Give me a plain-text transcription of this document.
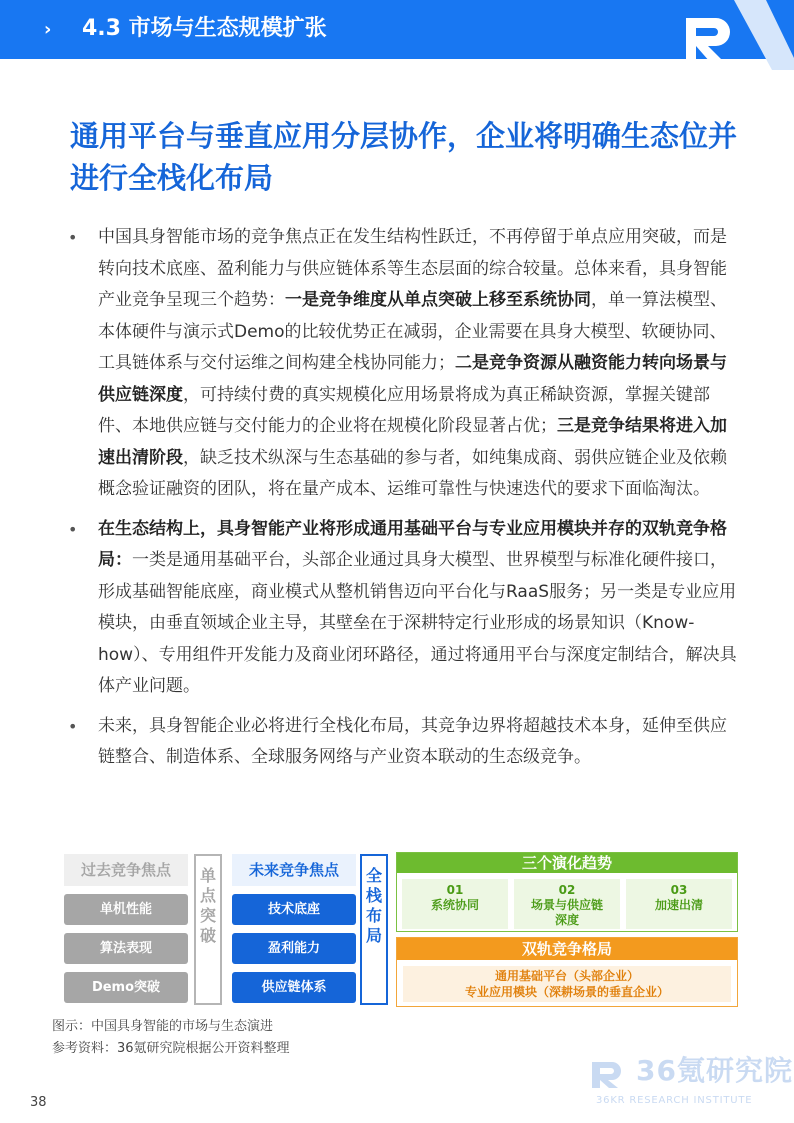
› 4.3 市场与生态规模扩张
通用平台与垂直应用分层协作，企业将明确生态位并进行全栈化布局
• 中国具身智能市场的竞争焦点正在发生结构性跃迁，不再停留于单点应用突破，而是转向技术底座、盈利能力与供应链体系等生态层面的综合较量。总体来看，具身智能产业竞争呈现三个趋势：一是竞争维度从单点突破上移至系统协同，单一算法模型、本体硬件与演示式Demo的比较优势正在减弱，企业需要在具身大模型、软硬协同、工具链体系与交付运维之间构建全栈协同能力；二是竞争资源从融资能力转向场景与供应链深度，可持续付费的真实规模化应用场景将成为真正稀缺资源，掌握关键部件、本地供应链与交付能力的企业将在规模化阶段显著占优；三是竞争结果将进入加速出清阶段，缺乏技术纵深与生态基础的参与者，如纯集成商、弱供应链企业及依赖概念验证融资的团队，将在量产成本、运维可靠性与快速迭代的要求下面临淘汰。
• 在生态结构上，具身智能产业将形成通用基础平台与专业应用模块并存的双轨竞争格局：一类是通用基础平台，头部企业通过具身大模型、世界模型与标准化硬件接口，形成基础智能底座，商业模式从整机销售迈向平台化与RaaS服务；另一类是专业应用模块，由垂直领域企业主导，其壁垒在于深耕特定行业形成的场景知识（Know-how）、专用组件开发能力及商业闭环路径，通过将通用平台与深度定制结合，解决具体产业问题。
• 未来，具身智能企业必将进行全栈化布局，其竞争边界将超越技术本身，延伸至供应链整合、制造体系、全球服务网络与产业资本联动的生态级竞争。
过去竞争焦点
单机性能
算法表现
Demo突破
单
点
突
破
未来竞争焦点
技术底座
盈利能力
供应链体系
全
栈
布
局
三个演化趋势
01
系统协同
02
场景与供应链深度
03
加速出清
双轨竞争格局
通用基础平台（头部企业）
专业应用模块（深耕场景的垂直企业）
图示：中国具身智能的市场与生态演进
参考资料：36氪研究院根据公开资料整理
36氪研究院
36KR RESEARCH INSTITUTE
38
